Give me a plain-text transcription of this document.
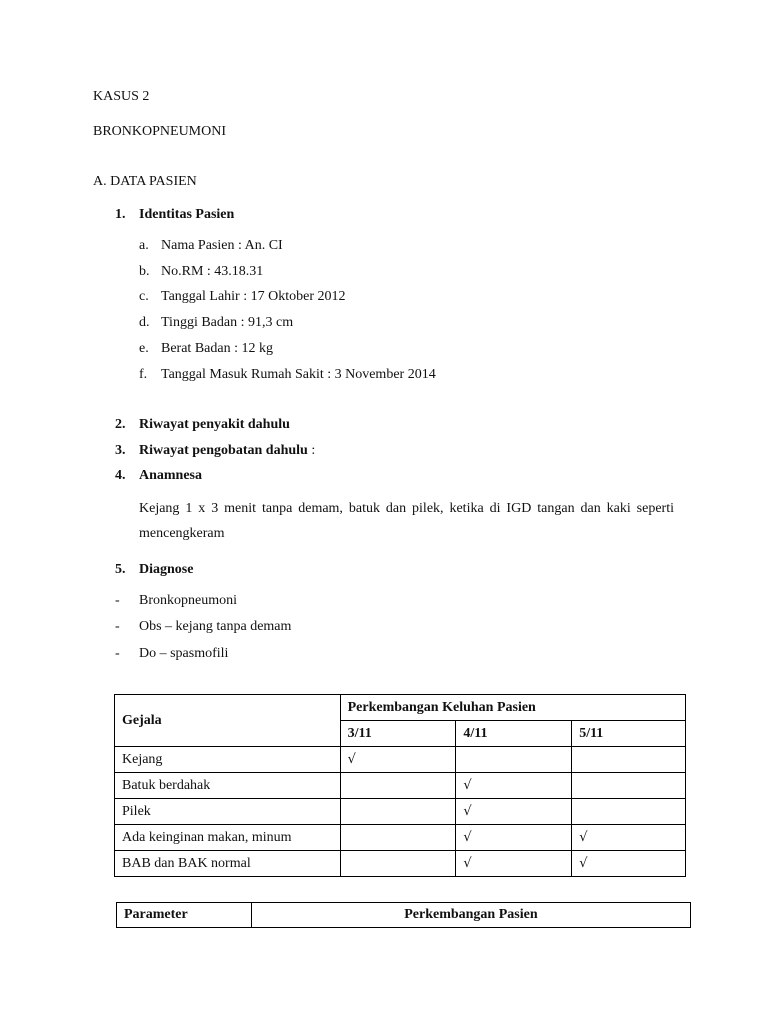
KASUS 2
BRONKOPNEUMONI
A. DATA PASIEN
1. Identitas Pasien
a. Nama Pasien : An. CI
b. No.RM : 43.18.31
c. Tanggal Lahir : 17 Oktober 2012
d. Tinggi Badan : 91,3 cm
e. Berat Badan : 12 kg
f. Tanggal Masuk Rumah Sakit : 3 November 2014
2. Riwayat penyakit dahulu
3. Riwayat pengobatan dahulu :
4. Anamnesa
Kejang 1 x 3 menit tanpa demam, batuk dan pilek, ketika di IGD tangan dan kaki seperti mencengkeram
5. Diagnose
- Bronkopneumoni
- Obs – kejang tanpa demam
- Do – spasmofili
Gejala	Perkembangan Keluhan Pasien		
	3/11	4/11	5/11
Kejang	√		
Batuk berdahak		√	
Pilek		√	
Ada keinginan makan, minum		√	√
BAB dan BAK normal		√	√
Parameter	Perkembangan Pasien
